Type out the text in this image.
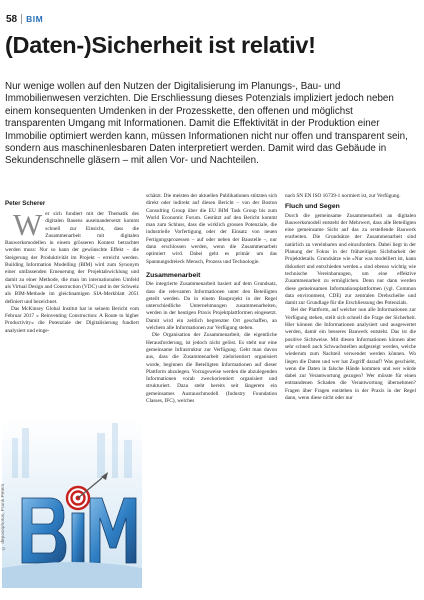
58	BIM
(Daten-)Sicherheit ist relativ!
Nur wenige wollen auf den Nutzen der Digitalisierung im Planungs-, Bau- und Immobilienwesen verzichten. Die Erschliessung dieses Potenzials impliziert jedoch neben einem konsequenten Umdenken in der Prozesskette, den offenen und möglichst transparenten Umgang mit Informationen. Damit die Effektivität in der Produktion einer Immobilie optimiert werden kann, müssen Informationen nicht nur offen und transparent sein, sondern aus maschinenlesbaren Daten interpretiert werden. Damit wird das Gebäude in Sekundenschnelle gläsern – mit allen Vor- und Nachteilen.
Peter Scherer

Wer sich fundiert mit der Thematik des digitalen Bauens auseinandersetzt kommt schnell zur Einsicht, dass die Zusammenarbeit mit digitalen Bauwerksmodellen in einem grösseren Kontext betrachtet werden muss: Nur so kann der gewünschte Effekt – die Steigerung der Produktivität im Projekt – erreicht werden. Building Information Modelling (BIM) wird zum Synonym einer umfassenden Erneuerung der Projektabwicklung und damit zu einer Methode, die man im internationalen Umfeld als Virtual Design and Construction (VDC) und in der Schweiz als BIM-Methode im gleichnamigen SIA-Merkblatt 2051 definiert und bezeichnet.

Das McKinsey Global Institut hat in seinem Bericht vom Februar 2017 « Reinventing Construction: A Route to higher Productivity» die Potenziale der Digitalisierung fundiert analysiert und einge-

© depositphotos, Frank Peters

schätzt. Die meisten der aktuellen Publikationen stützten sich direkt oder indirekt auf diesen Bericht – von der Boston Consulting Group über die EU BIM Task Group bis zum World Economic Forum. Gestützt auf den Bericht kommt man zum Schluss, dass die wirklich grossen Potenziale, die industrielle Vorfertigung oder der Einsatz von neuen Fertigungsprozessen – auf oder neben der Baustelle –, nur dann erschlossen werden, wenn die Zusammenarbeit optimiert wird. Dabei geht es primär um das Spannungsdreieck Mensch, Prozess und Technologie.

Zusammenarbeit

Die integrierte Zusammenarbeit basiert auf dem Grundsatz, dass die relevanten Informationen unter den Beteiligten geteilt werden. Da in einem Bauprojekt in der Regel unterschiedliche Unternehmungen zusammenarbeiten, werden in der heutigen Praxis Projektplattformen eingesetzt. Damit wird ein zeitlich begrenzter Ort geschaffen, an welchem alle Informationen zur Verfügung stehen.

Die Organisation der Zusammenarbeit, die eigentliche Herausforderung, ist jedoch nicht gelöst. Es steht nur eine gemeinsame Infrastruktur zur Verfügung. Geht man davon aus, dass die Zusammenarbeit zielorientiert organisiert wurde, beginnen die Beteiligten Informationen auf dieser Plattform abzulegen. Vorzugsweise werden die abzulegenden Informationen vorab zweckorientiert organisiert und strukturiert. Dazu steht bereits seit längerem ein gemeinsames Austauschmodell (Industry Foundation Classes, IFC), welches

nach SN EN ISO 16739-1 normiert ist, zur Verfügung.

Fluch und Segen

Durch die gemeinsame Zusammenarbeit an digitalen Bauwerksmodell entsteht der Mehrwert, dass alle Beteiligten eine gemeinsame Sicht auf das zu erstellende Bauwerk erarbeiten. Die Grundsätze der Zusammenarbeit sind natürlich zu vereinbaren und einzufordern. Dabei liegt in der Planung der Fokus in der frühzeitigen Sichtbarkeit der Projektdetails. Grundsätze wie «Nur was modelliert ist, kann diskutiert und entschieden werden.» sind ebenso wichtig wie technische Vereinbarungen, um eine effektive Zusammenarbeit zu ermöglichen. Denn nur dann werden diese gemeinsamen Informationsplattformen (vgl. Common data environment, CDE) zur zentralen Drehscheibe und damit zur Grundlage für die Erschliessung des Potenzials.

Bei der Plattform, auf welcher nun alle Informationen zur Verfügung stehen, stellt sich schnell die Frage der Sicherheit. Hier können die Informationen analysiert und ausgewertet werden, damit ein besseres Bauwerk entsteht. Das ist die positive Sichtweise. Mit diesen Informationen können aber sehr schnell auch Schwachstellen aufgezeigt werden, welche wiederum zum Nachteil verwendet werden können. Wo liegen die Daten und wer hat Zugriff darauf? Was geschieht, wenn die Daten in falsche Hände kommen und wer würde dabei zur Verantwortung gezogen? Wer müsste für einen entstandenen Schaden die Verantwortung übernehmen? Fragen über Fragen entstehen in der Praxis in der Regel dann, wenn diese nicht oder nur
